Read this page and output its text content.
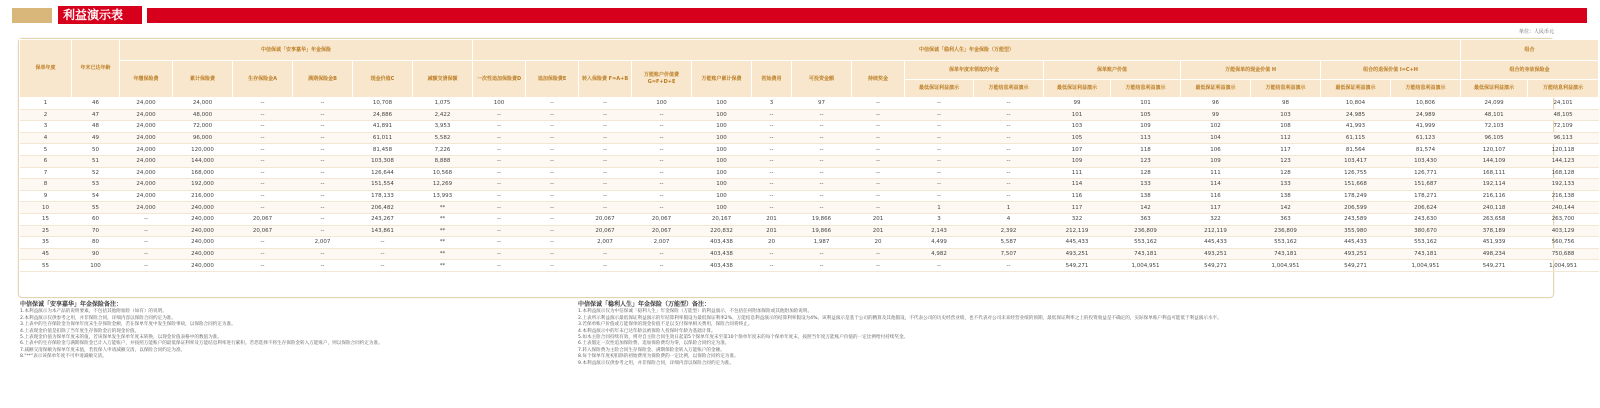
利益演示表
单位：人民币元
保单年度	年末已达年龄	中信保诚「安享嘉华」年金保险						中信保诚「稳利人生」年金保险（万能型）																组合	
		年缴保险费	累计保险费	生存保险金A	满期保险金B	现金价值C	减额交清保额	一次性追加保险费D	追加保险费E	转入保险费 F=A+B	万能账户价值费 G=F+D+E	万能账户累计保费	初始费用	可投资金额	持续奖金	保单年度末领取的年金		保单账户价值		万能保单的现金价值 H		组合的退保价值 I=C+H		组合的身故保险金	
																最低保证利益演示	万能结息利益演示	最低保证利益演示	万能结息利益演示	最低保证利益演示	万能结息利益演示	最低保证利益演示	万能结息利益演示	最低保证利益演示	万能结息利益演示
1	46	24,000	24,000	--	--	10,708	1,075	100	--	--	100	100	3	97	--	--	--	99	101	96	98	10,804	10,806	24,099	24,101
2	47	24,000	48,000	--	--	24,886	2,422	--	--	--	--	100	--	--	--	--	--	101	105	99	103	24,985	24,989	48,101	48,105
3	48	24,000	72,000	--	--	41,891	3,953	--	--	--	--	100	--	--	--	--	--	103	109	102	108	41,993	41,999	72,103	72,109
4	49	24,000	96,000	--	--	61,011	5,582	--	--	--	--	100	--	--	--	--	--	105	113	104	112	61,115	61,123	96,105	96,113
5	50	24,000	120,000	--	--	81,458	7,226	--	--	--	--	100	--	--	--	--	--	107	118	106	117	81,564	81,574	120,107	120,118
6	51	24,000	144,000	--	--	103,308	8,888	--	--	--	--	100	--	--	--	--	--	109	123	109	123	103,417	103,430	144,109	144,123
7	52	24,000	168,000	--	--	126,644	10,568	--	--	--	--	100	--	--	--	--	--	111	128	111	128	126,755	126,771	168,111	168,128
8	53	24,000	192,000	--	--	151,554	12,269	--	--	--	--	100	--	--	--	--	--	114	133	114	133	151,668	151,687	192,114	192,133
9	54	24,000	216,000	--	--	178,133	13,993	--	--	--	--	100	--	--	--	--	--	116	138	116	138	178,249	178,271	216,116	216,138
10	55	24,000	240,000	--	--	206,482	**	--	--	--	--	100	--	--	--	1	1	117	142	117	142	206,599	206,624	240,118	240,144
15	60	--	240,000	20,067	--	243,267	**	--	--	20,067	20,067	20,167	201	19,866	201	3	4	322	363	322	363	243,589	243,630	263,658	263,700
25	70	--	240,000	20,067	--	143,861	**	--	--	20,067	20,067	220,832	201	19,866	201	2,143	2,392	212,119	236,809	212,119	236,809	355,980	380,670	378,189	403,129
35	80	--	240,000	--	2,007	--	**	--	--	2,007	2,007	403,438	20	1,987	20	4,499	5,587	445,433	553,162	445,433	553,162	445,433	553,162	451,939	560,756
45	90	--	240,000	--	--	--	**	--	--	--	--	403,438	--	--	--	4,982	7,507	493,251	743,181	493,251	743,181	493,251	743,181	498,234	750,688
55	100	--	240,000	--	--	--	**	--	--	--	--	403,438	--	--	--	--	--	549,271	1,004,951	549,271	1,004,951	549,271	1,004,951	549,271	1,004,951
中信保诚「安享嘉华」年金保险备注：
1.本利益演示为本产品的说明要素，不包括其他附加险（如有）的说明。
2.本利益演示仅供参考之用，并非保险合同，详细内容以保险合同约定为准。
3.上表中的生存保险金为保单年度末生存保险金额，若在保单年度中发生保险事故，以保险合同约定为准。
4.上表现金价值是扣除了当年度生存保险金后的现金价值。
5.上表现金价值为保单年度末的值，若该保单发生保单年度末转换，以现金价值表格中的数值为准。
6.上表中的生存保险金与满期保险金已计入万能账户，并按照万能账户的最低保证利率及万能结息利率进行累积。若您选择不将生存保险金转入万能账户，则以保险合同约定为准。
7.减额交清保额为保单年度末值，若投保人申请减额交清，以保险合同约定为准。
8."**"表示该保单年度不可申请减额交清。
中信保诚「稳利人生」年金保险（万能型）备注：
1.本利益演示仅为中信保诚「稳利人生」年金保险（万能型）的利益演示，不包括任何附加保险或其他附加险说明。
2.上表所示利益演示最低保证利益演示的年结算利率假设为最低保证利率2%，万能结息利益演示的结算利率假设为4%。该利益演示是基于公司的精算及其他假设，不代表公司的历史经营业绩，也不代表对公司未来经营业绩的预期，最低保证利率之上的投资收益是不确定的，实际保单账户利益可能低于利益演示水平。
3.若保单账户价值或万能保单的现金价值不足以支付保单相关费用，保险合同将终止。
4.本利益演示中的年末已达年龄以被保险人投保时年龄为基础计算。
5.如本主险合同持续有效，则对自主险合同生效日起第5个保单年度末至第10个保单年度末的每个保单年度末，按照当年度万能账户价值的一定比例给付持续奖金。
6.上表假定一次性追加保险费、追加保险费均为零，以保险合同约定为准。
7.转入保险费为主险合同生存保险金、满期保险金转入万能账户的金额。
8.每个保单年度初扣除的初始费用为保险费的一定比例，以保险合同约定为准。
9.本利益演示仅供参考之用，并非保险合同，详细内容以保险合同约定为准。
